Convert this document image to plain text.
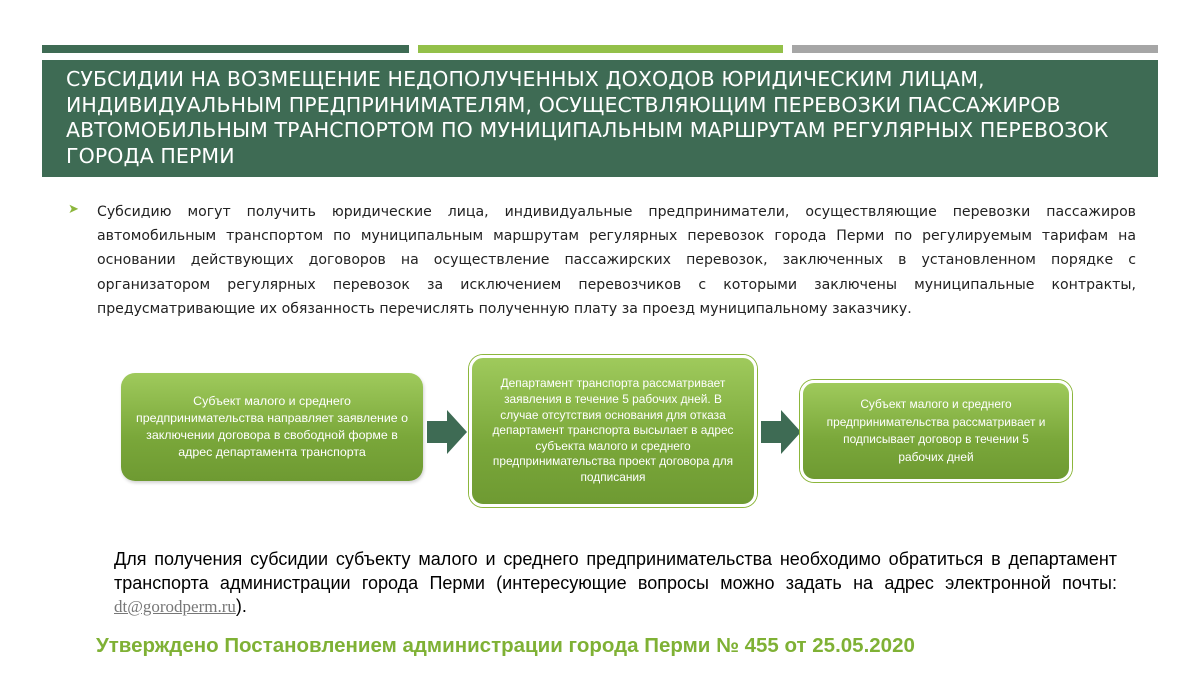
СУБСИДИИ НА ВОЗМЕЩЕНИЕ НЕДОПОЛУЧЕННЫХ ДОХОДОВ ЮРИДИЧЕСКИМ ЛИЦАМ, ИНДИВИДУАЛЬНЫМ ПРЕДПРИНИМАТЕЛЯМ, ОСУЩЕСТВЛЯЮЩИМ ПЕРЕВОЗКИ ПАССАЖИРОВ АВТОМОБИЛЬНЫМ ТРАНСПОРТОМ ПО МУНИЦИПАЛЬНЫМ МАРШРУТАМ РЕГУЛЯРНЫХ ПЕРЕВОЗОК ГОРОДА ПЕРМИ
➤ Субсидию могут получить юридические лица, индивидуальные предприниматели, осуществляющие перевозки пассажиров автомобильным транспортом по муниципальным маршрутам регулярных перевозок города Перми по регулируемым тарифам на основании действующих договоров на осуществление пассажирских перевозок, заключенных в установленном порядке с организатором регулярных перевозок за исключением перевозчиков с которыми заключены муниципальные контракты, предусматривающие их обязанность перечислять полученную плату за проезд муниципальному заказчику.
Субъект малого и среднего предпринимательства направляет заявление о заключении договора в свободной форме в адрес департамента транспорта
Департамент транспорта рассматривает заявления в течение 5 рабочих дней. В случае отсутствия основания для отказа департамент транспорта высылает в адрес субъекта малого и среднего предпринимательства проект договора для подписания
Субъект малого и среднего предпринимательства рассматривает и подписывает договор в течении 5 рабочих дней
Для получения субсидии субъекту малого и среднего предпринимательства необходимо обратиться в департамент транспорта администрации города Перми (интересующие вопросы можно задать на адрес электронной почты: dt@gorodperm.ru).
Утверждено Постановлением администрации города Перми № 455 от 25.05.2020
